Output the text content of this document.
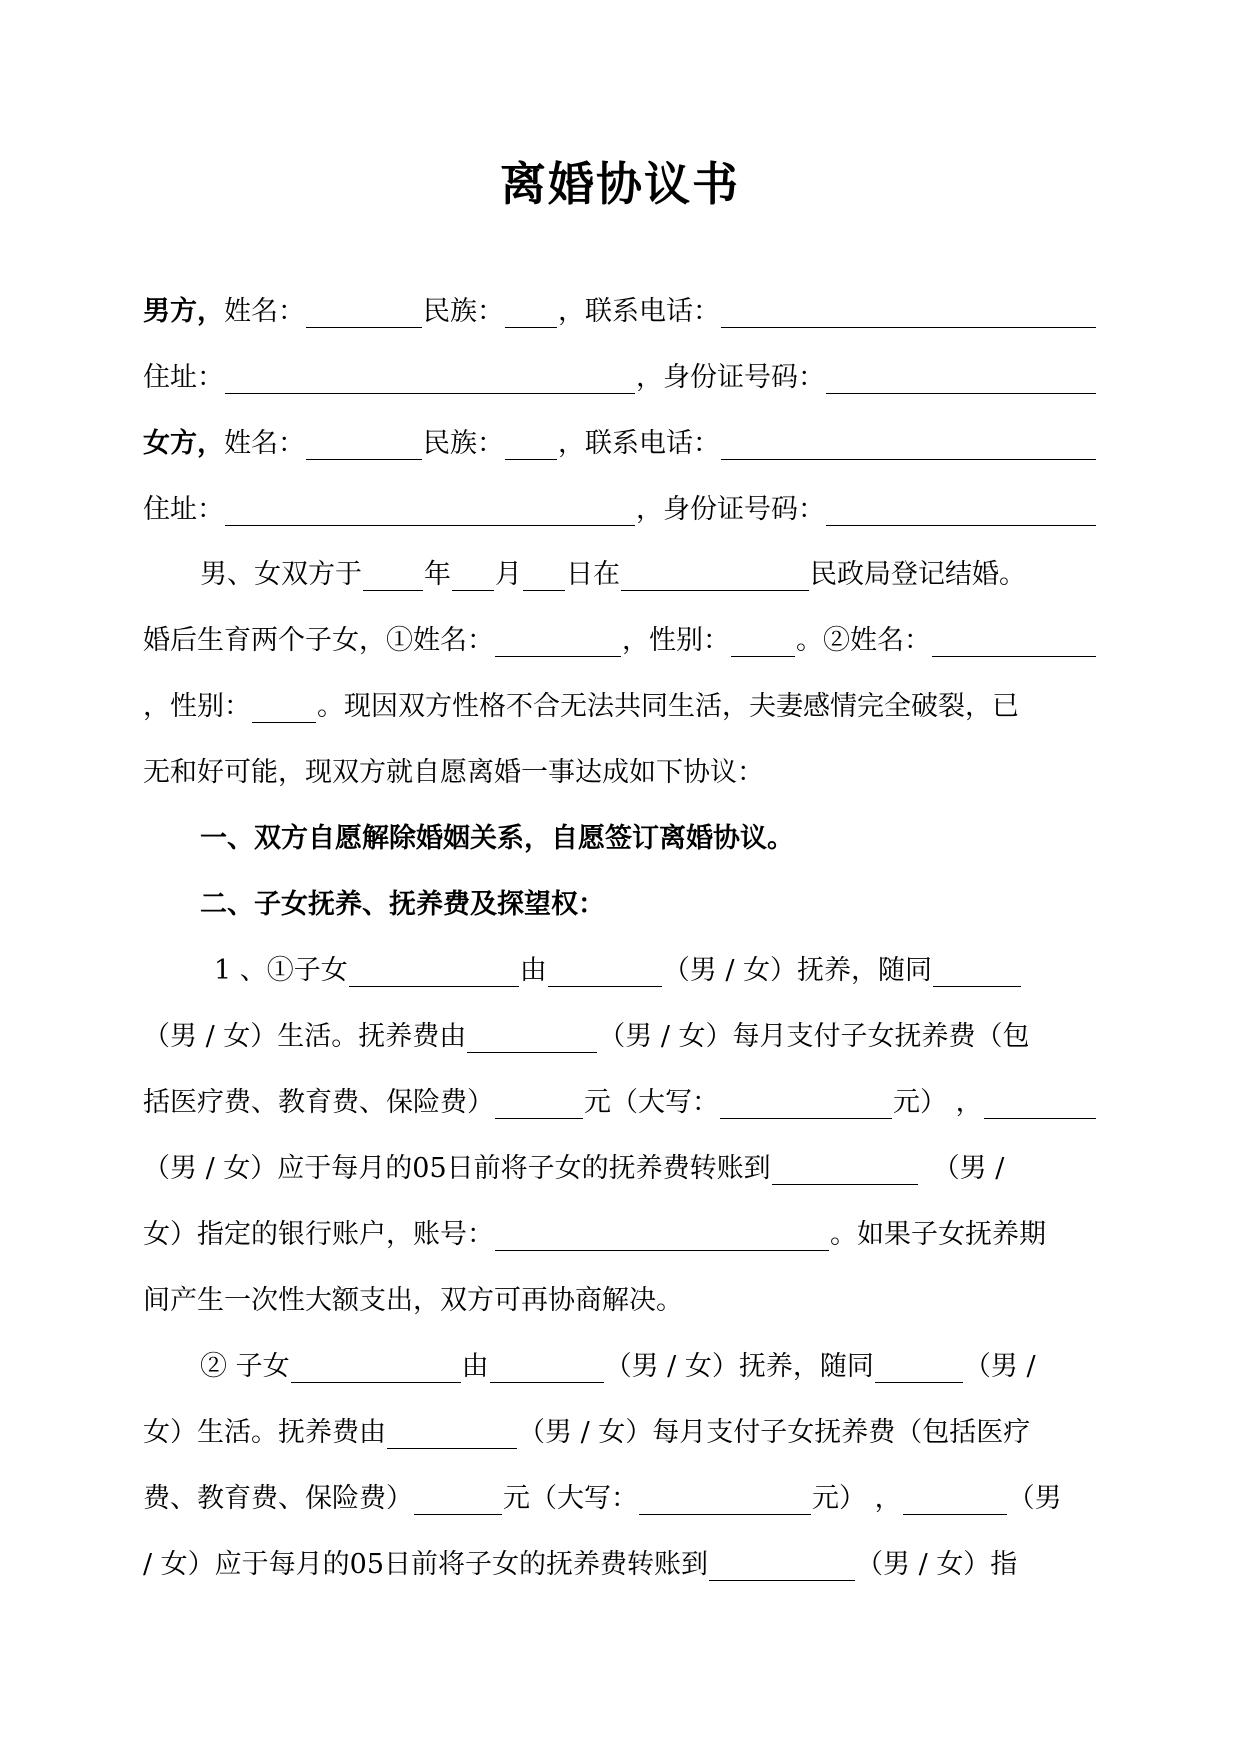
离婚协议书
男方， 姓名：	民族： ，联系电话：
住址：	，身份证号码：
女方， 姓名：	民族： ，联系电话：
住址：	，身份证号码：
男、女双方于 年 月 日在	民政局登记结婚。
婚后生育两个子女，①姓名：	，性别： 。②姓名：
，性别： 。现因双方性格不合无法共同生活，夫妻感情完全破裂，已
无和好可能，现双方就自愿离婚一事达成如下协议：
一、双方自愿解除婚姻关系，自愿签订离婚协议。
二、子女抚养、抚养费及探望权：
1 、①子女	由	（男 / 女）抚养，随同
（男 / 女）生活。抚养费由	（男 / 女）每月支付子女抚养费（包
括医疗费、教育费、保险费）	元（大写：	元） ，
（男 / 女）应于每月的05日前将子女的抚养费转账到	（男 /
女）指定的银行账户，账号：	。如果子女抚养期
间产生一次性大额支出，双方可再协商解决。
② 子女	由	（男 / 女）抚养，随同	（男 /
女）生活。抚养费由	（男 / 女）每月支付子女抚养费（包括医疗
费、教育费、保险费）	元（大写：	元） ，	（男
/ 女）应于每月的05日前将子女的抚养费转账到	（男 / 女）指
